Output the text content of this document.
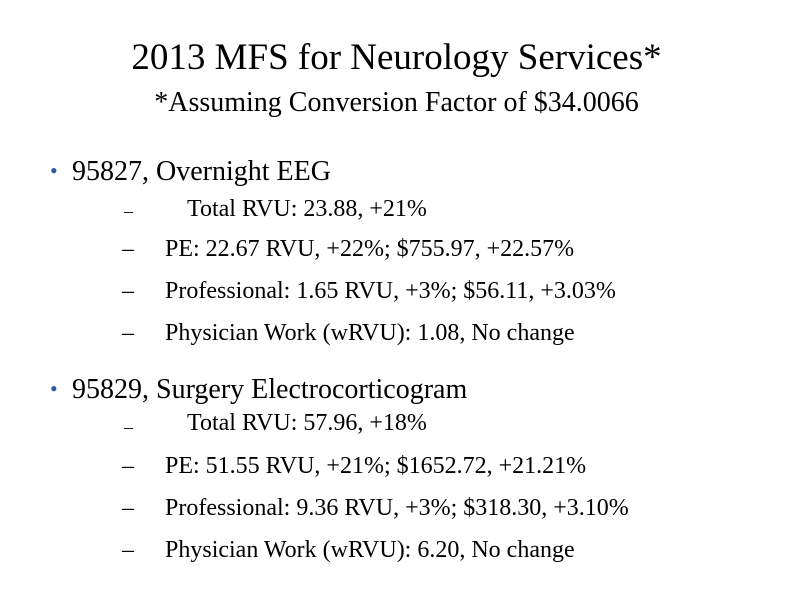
2013 MFS for Neurology Services*
*Assuming Conversion Factor of $34.0066
• 95827, Overnight EEG
– Total RVU: 23.88, +21%
– PE: 22.67 RVU, +22%; $755.97, +22.57%
– Professional: 1.65 RVU, +3%; $56.11, +3.03%
– Physician Work (wRVU): 1.08, No change
• 95829, Surgery Electrocorticogram
– Total RVU: 57.96, +18%
– PE: 51.55 RVU, +21%; $1652.72, +21.21%
– Professional: 9.36 RVU, +3%; $318.30, +3.10%
– Physician Work (wRVU): 6.20, No change
